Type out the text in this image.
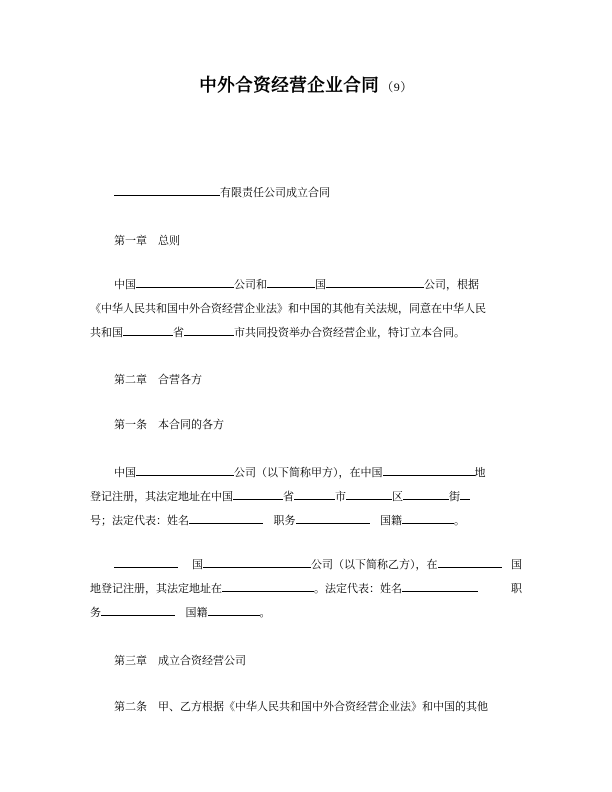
中外合资经营企业合同 （9）
有限责任公司成立合同
第一章　总则
中国	公司和	国	公司，根据
《中华人民共和国中外合资经营企业法》和中国的其他有关法规，同意在中华人民
共和国	省	市共同投资举办合资经营企业，特订立本合同。
第二章　合营各方
第一条　本合同的各方
中国	公司（以下简称甲方），在中国	地
登记注册，其法定地址在中国	省	市	区	街
号；法定代表：姓名	职务	国籍	。
国	公司（以下简称乙方），在	国
地登记注册，其法定地址在	。法定代表：姓名	职
务	国籍	。
第三章　成立合资经营公司
第二条　甲、乙方根据《中华人民共和国中外合资经营企业法》和中国的其他
